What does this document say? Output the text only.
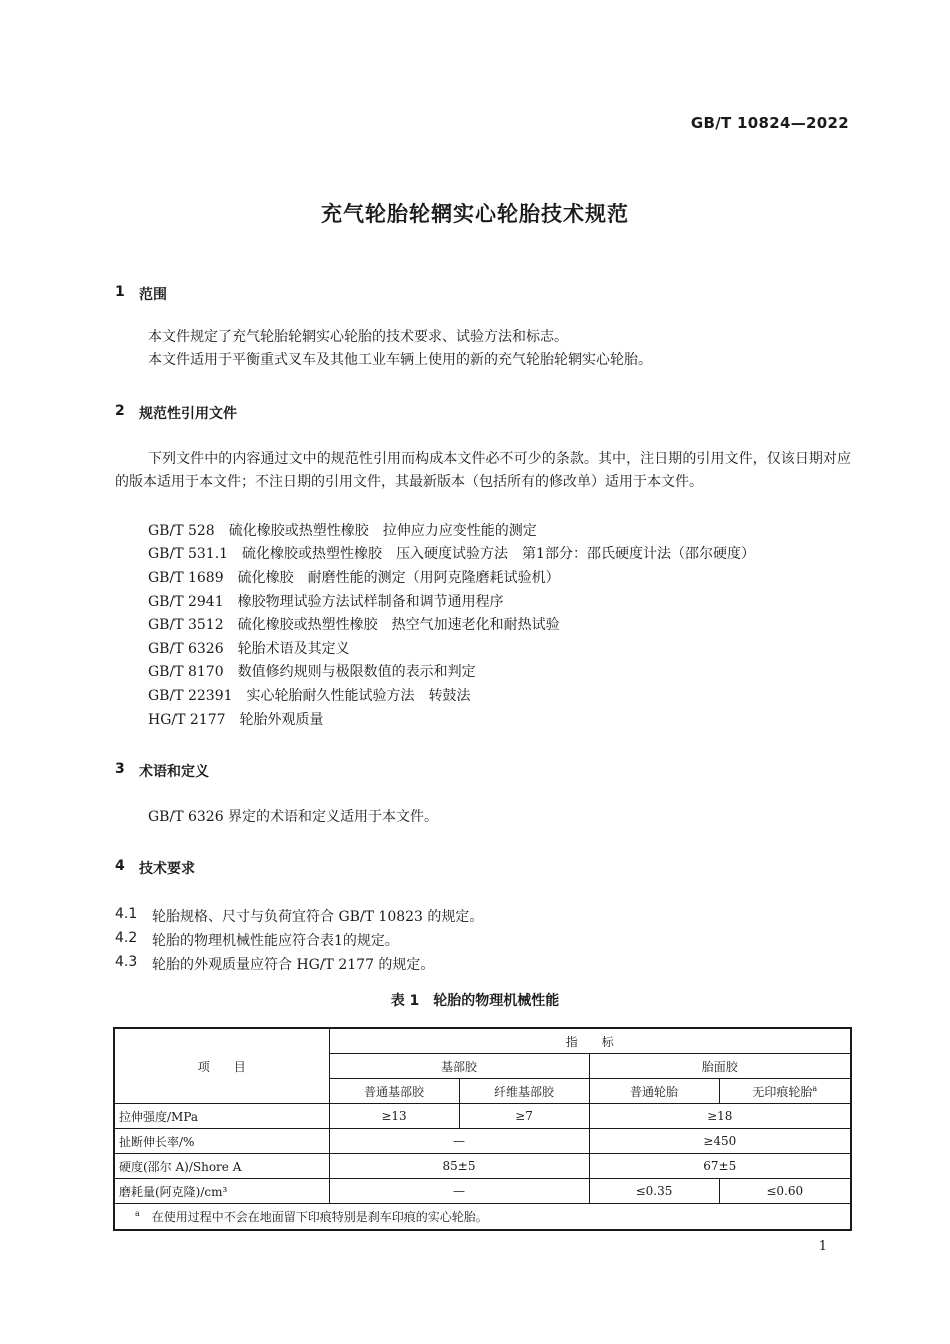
GB/T 10824—2022
充气轮胎轮辋实心轮胎技术规范
1	范围
本文件规定了充气轮胎轮辋实心轮胎的技术要求、试验方法和标志。
本文件适用于平衡重式叉车及其他工业车辆上使用的新的充气轮胎轮辋实心轮胎。
2	规范性引用文件
下列文件中的内容通过文中的规范性引用而构成本文件必不可少的条款。其中，注日期的引用文件，仅该日期对应的版本适用于本文件；不注日期的引用文件，其最新版本（包括所有的修改单）适用于本文件。
GB/T 528　硫化橡胶或热塑性橡胶　拉伸应力应变性能的测定
GB/T 531.1　硫化橡胶或热塑性橡胶　压入硬度试验方法　第1部分：邵氏硬度计法（邵尔硬度）
GB/T 1689　硫化橡胶　耐磨性能的测定（用阿克隆磨耗试验机）
GB/T 2941　橡胶物理试验方法试样制备和调节通用程序
GB/T 3512　硫化橡胶或热塑性橡胶　热空气加速老化和耐热试验
GB/T 6326　轮胎术语及其定义
GB/T 8170　数值修约规则与极限数值的表示和判定
GB/T 22391　实心轮胎耐久性能试验方法　转鼓法
HG/T 2177　轮胎外观质量
3	术语和定义
GB/T 6326 界定的术语和定义适用于本文件。
4	技术要求
4.1	轮胎规格、尺寸与负荷宜符合 GB/T 10823 的规定。
4.2	轮胎的物理机械性能应符合表1的规定。
4.3	轮胎的外观质量应符合 HG/T 2177 的规定。
表 1　轮胎的物理机械性能
项　　目	指　　标			
	基部胶		胎面胶	
	普通基部胶	纤维基部胶	普通轮胎	无印痕轮胎$^a$
拉伸强度/MPa	≥13	≥7	≥18	
扯断伸长率/%	—		≥450	
硬度(邵尔 A)/Shore A	85±5		67±5	
磨耗量(阿克隆)/cm³	—		≤0.35	≤0.60
$^a$　 在使用过程中不会在地面留下印痕特别是刹车印痕的实心轮胎。				
1
